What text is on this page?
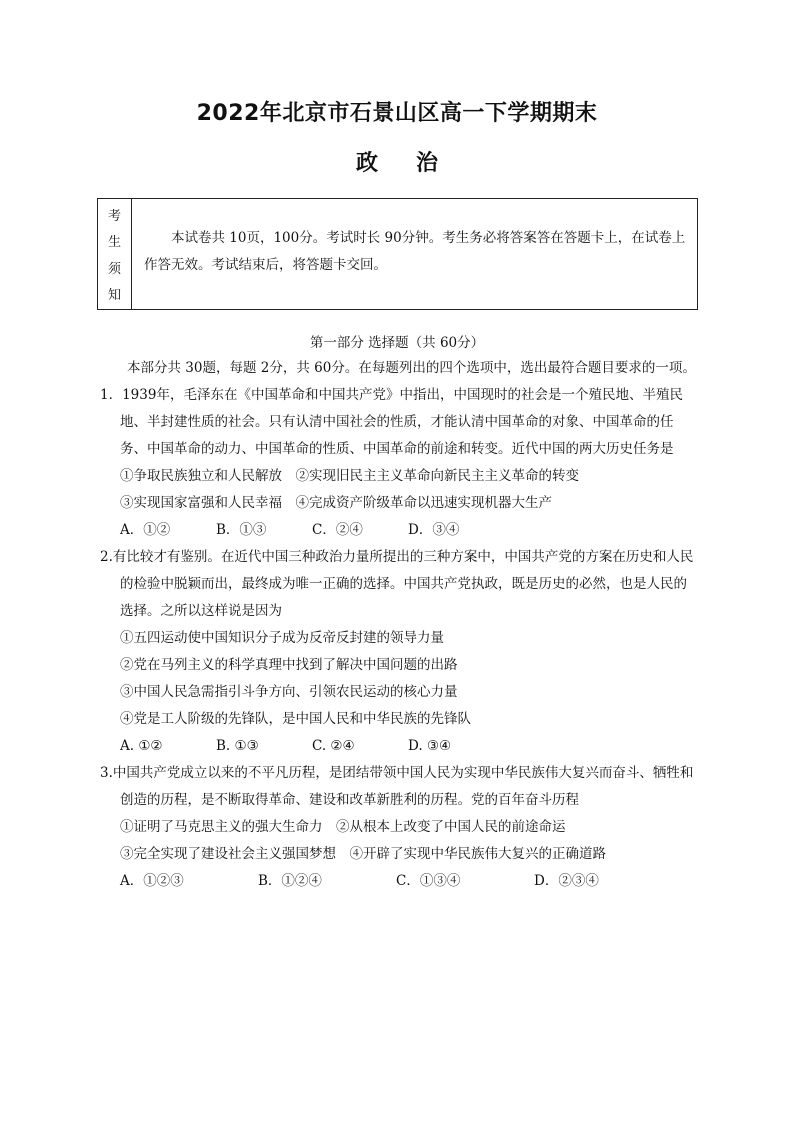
2022年北京市石景山区高一下学期期末
政治
考
生
须
知
本试卷共 10页，100分。考试时长 90分钟。考生务必将答案答在答题卡上，在试卷上作答无效。考试结束后，将答题卡交回。
第一部分 选择题（共 60分）

本部分共 30题，每题 2分，共 60分。在每题列出的四个选项中，选出最符合题目要求的一项。

1．1939年，毛泽东在《中国革命和中国共产党》中指出，中国现时的社会是一个殖民地、半殖民地、半封建性质的社会。只有认清中国社会的性质，才能认清中国革命的对象、中国革命的任务、中国革命的动力、中国革命的性质、中国革命的前途和转变。近代中国的两大历史任务是

①争取民族独立和人民解放　②实现旧民主主义革命向新民主主义革命的转变

③实现国家富强和人民幸福　④完成资产阶级革命以迅速实现机器大生产

A．①②	B．①③	C．②④	D．③④

2.有比较才有鉴别。在近代中国三种政治力量所提出的三种方案中，中国共产党的方案在历史和人民的检验中脱颖而出，最终成为唯一正确的选择。中国共产党执政，既是历史的必然，也是人民的选择。之所以这样说是因为

①五四运动使中国知识分子成为反帝反封建的领导力量

②党在马列主义的科学真理中找到了解决中国问题的出路

③中国人民急需指引斗争方向、引领农民运动的核心力量

④党是工人阶级的先锋队，是中国人民和中华民族的先锋队

A. ①②	B. ①③	C. ②④	D. ③④

3.中国共产党成立以来的不平凡历程，是团结带领中国人民为实现中华民族伟大复兴而奋斗、牺牲和创造的历程，是不断取得革命、建设和改革新胜利的历程。党的百年奋斗历程

①证明了马克思主义的强大生命力　②从根本上改变了中国人民的前途命运

③完全实现了建设社会主义强国梦想　④开辟了实现中华民族伟大复兴的正确道路

A．①②③	B．①②④	C．①③④	D．②③④
